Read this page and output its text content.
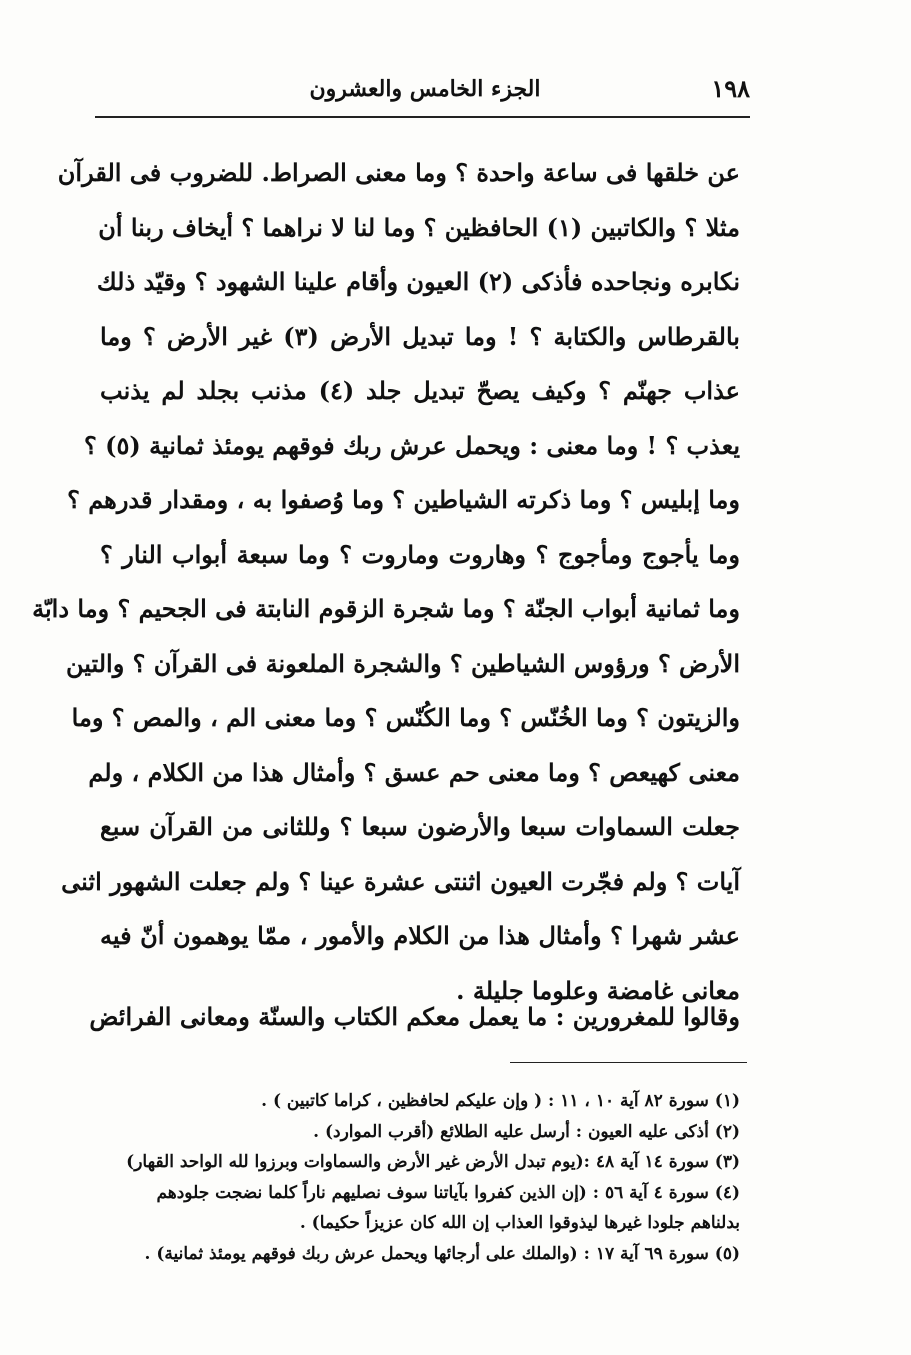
١٩٨
الجزء الخامس والعشرون
عن خلقها فى ساعة واحدة ؟ وما معنى الصراط. للضروب فى القرآن
مثلا ؟ والكاتبين (١) الحافظين ؟ وما لنا لا نراهما ؟ أيخاف ربنا أن
نكابره ونجاحده فأذكى (٢) العيون وأقام علينا الشهود ؟ وقيّد ذلك
بالقرطاس والكتابة ؟ ! وما تبديل الأرض (٣) غير الأرض ؟ وما
عذاب جهنّم ؟ وكيف يصحّ تبديل جلد (٤) مذنب بجلد لم يذنب
يعذب ؟ ! وما معنى : ويحمل عرش ربك فوقهم يومئذ ثمانية (٥) ؟
وما إبليس ؟ وما ذكرته الشياطين ؟ وما وُصفوا به ، ومقدار قدرهم ؟
وما يأجوج ومأجوج ؟ وهاروت وماروت ؟ وما سبعة أبواب النار ؟
وما ثمانية أبواب الجنّة ؟ وما شجرة الزقوم النابتة فى الجحيم ؟ وما دابّة
الأرض ؟ ورؤوس الشياطين ؟ والشجرة الملعونة فى القرآن ؟ والتين
والزيتون ؟ وما الخُنّس ؟ وما الكُنّس ؟ وما معنى الم ، والمص ؟ وما
معنى كهيعص ؟ وما معنى حم عسق ؟ وأمثال هذا من الكلام ، ولم
جعلت السماوات سبعا والأرضون سبعا ؟ وللثانى من القرآن سبع
آيات ؟ ولم فجّرت العيون اثنتى عشرة عينا ؟ ولم جعلت الشهور اثنى
عشر شهرا ؟ وأمثال هذا من الكلام والأمور ، ممّا يوهمون أنّ فيه
معانى غامضة وعلوما جليلة .
وقالوا للمغرورين : ما يعمل معكم الكتاب والسنّة ومعانى الفرائض
(١) سورة ٨٢ آية ١٠ ، ١١ : ( وإن عليكم لحافظين ، كراما كاتبين ) .
(٢) أذكى عليه العيون : أرسل عليه الطلائع (أقرب الموارد) .
(٣) سورة ١٤ آية ٤٨ :(يوم تبدل الأرض غير الأرض والسماوات وبرزوا لله الواحد القهار)
(٤) سورة ٤ آية ٥٦ : (إن الذين كفروا بآياتنا سوف نصليهم ناراً كلما نضجت جلودهم
بدلناهم جلودا غيرها ليذوقوا العذاب إن الله كان عزيزاً حكيما) .
(٥) سورة ٦٩ آية ١٧ : (والملك على أرجائها ويحمل عرش ربك فوقهم يومئذ ثمانية) .
